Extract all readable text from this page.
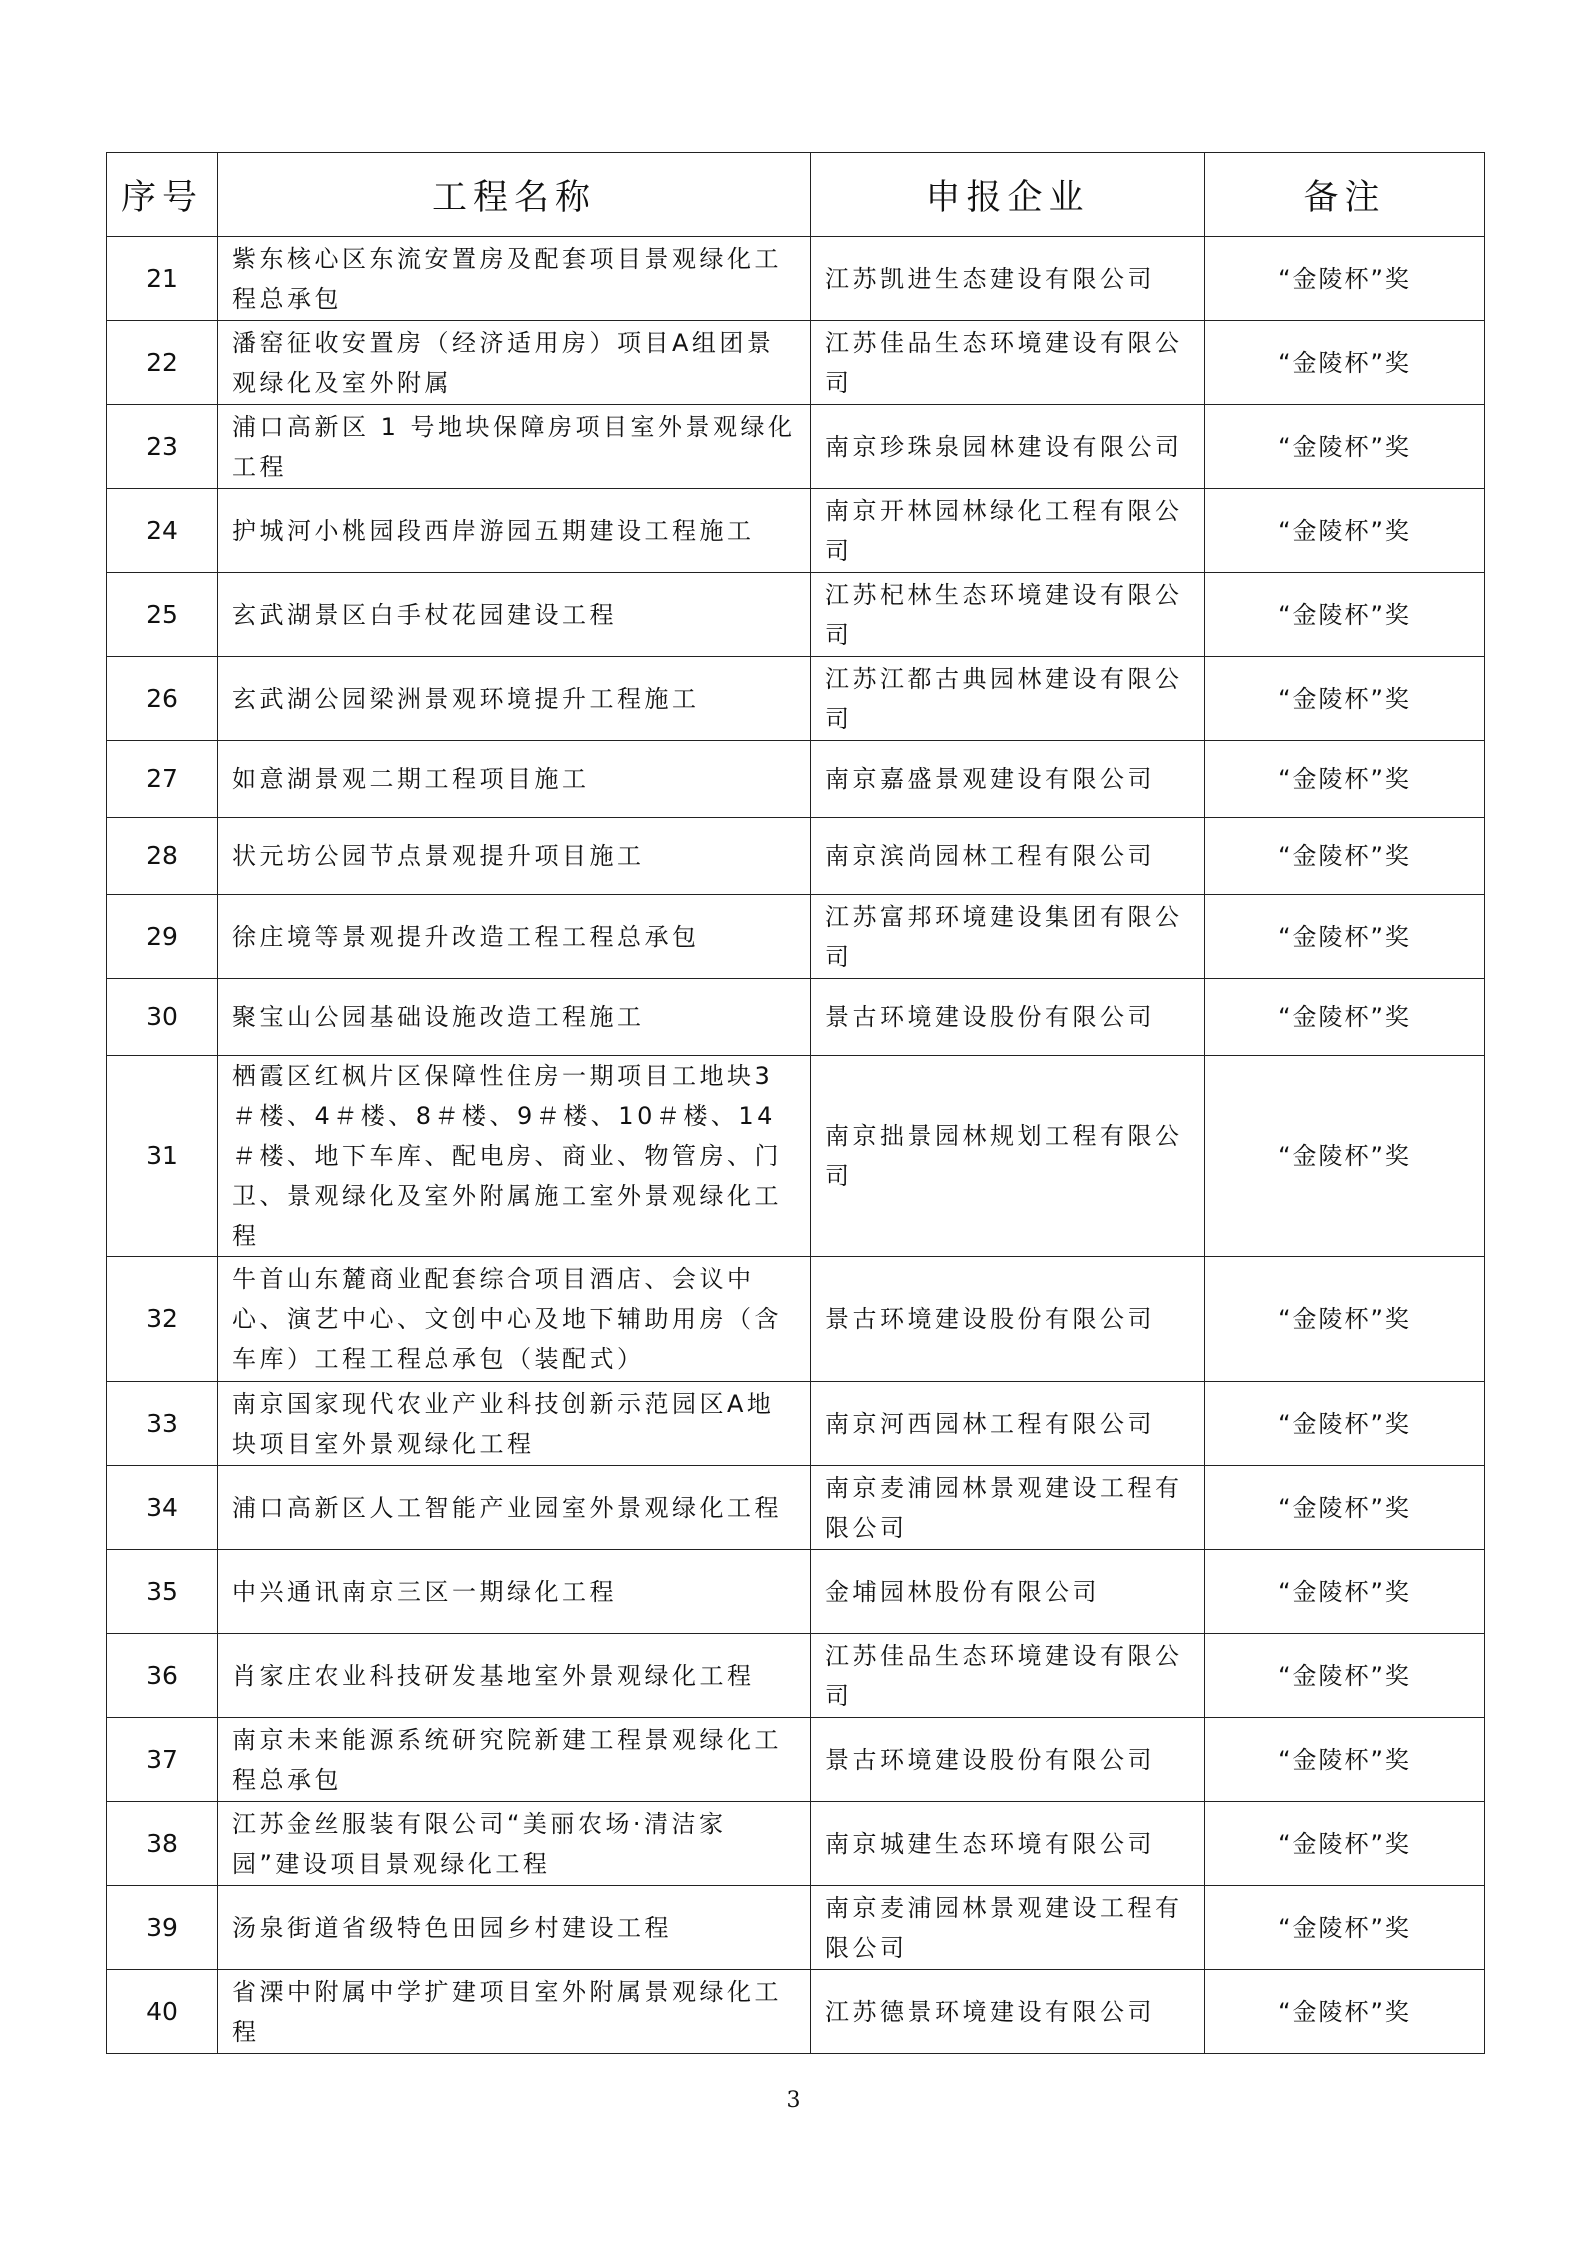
序号	工程名称	申报企业	备注
21	紫东核心区东流安置房及配套项目景观绿化工程总承包	江苏凯进生态建设有限公司	“金陵杯”奖
22	潘窑征收安置房（经济适用房）项目A组团景观绿化及室外附属	江苏佳品生态环境建设有限公司	“金陵杯”奖
23	浦口高新区 1 号地块保障房项目室外景观绿化工程	南京珍珠泉园林建设有限公司	“金陵杯”奖
24	护城河小桃园段西岸游园五期建设工程施工	南京开林园林绿化工程有限公司	“金陵杯”奖
25	玄武湖景区白手杖花园建设工程	江苏杞林生态环境建设有限公司	“金陵杯”奖
26	玄武湖公园梁洲景观环境提升工程施工	江苏江都古典园林建设有限公司	“金陵杯”奖
27	如意湖景观二期工程项目施工	南京嘉盛景观建设有限公司	“金陵杯”奖
28	状元坊公园节点景观提升项目施工	南京滨尚园林工程有限公司	“金陵杯”奖
29	徐庄境等景观提升改造工程工程总承包	江苏富邦环境建设集团有限公司	“金陵杯”奖
30	聚宝山公园基础设施改造工程施工	景古环境建设股份有限公司	“金陵杯”奖
31	栖霞区红枫片区保障性住房一期项目工地块3＃楼、4＃楼、8＃楼、9＃楼、10＃楼、14＃楼、地下车库、配电房、商业、物管房、门卫、景观绿化及室外附属施工室外景观绿化工程	南京拙景园林规划工程有限公司	“金陵杯”奖
32	牛首山东麓商业配套综合项目酒店、会议中心、演艺中心、文创中心及地下辅助用房（含车库）工程工程总承包（装配式）	景古环境建设股份有限公司	“金陵杯”奖
33	南京国家现代农业产业科技创新示范园区A地块项目室外景观绿化工程	南京河西园林工程有限公司	“金陵杯”奖
34	浦口高新区人工智能产业园室外景观绿化工程	南京麦浦园林景观建设工程有限公司	“金陵杯”奖
35	中兴通讯南京三区一期绿化工程	金埔园林股份有限公司	“金陵杯”奖
36	肖家庄农业科技研发基地室外景观绿化工程	江苏佳品生态环境建设有限公司	“金陵杯”奖
37	南京未来能源系统研究院新建工程景观绿化工程总承包	景古环境建设股份有限公司	“金陵杯”奖
38	江苏金丝服装有限公司“美丽农场·清洁家园”建设项目景观绿化工程	南京城建生态环境有限公司	“金陵杯”奖
39	汤泉街道省级特色田园乡村建设工程	南京麦浦园林景观建设工程有限公司	“金陵杯”奖
40	省溧中附属中学扩建项目室外附属景观绿化工程	江苏德景环境建设有限公司	“金陵杯”奖
3
